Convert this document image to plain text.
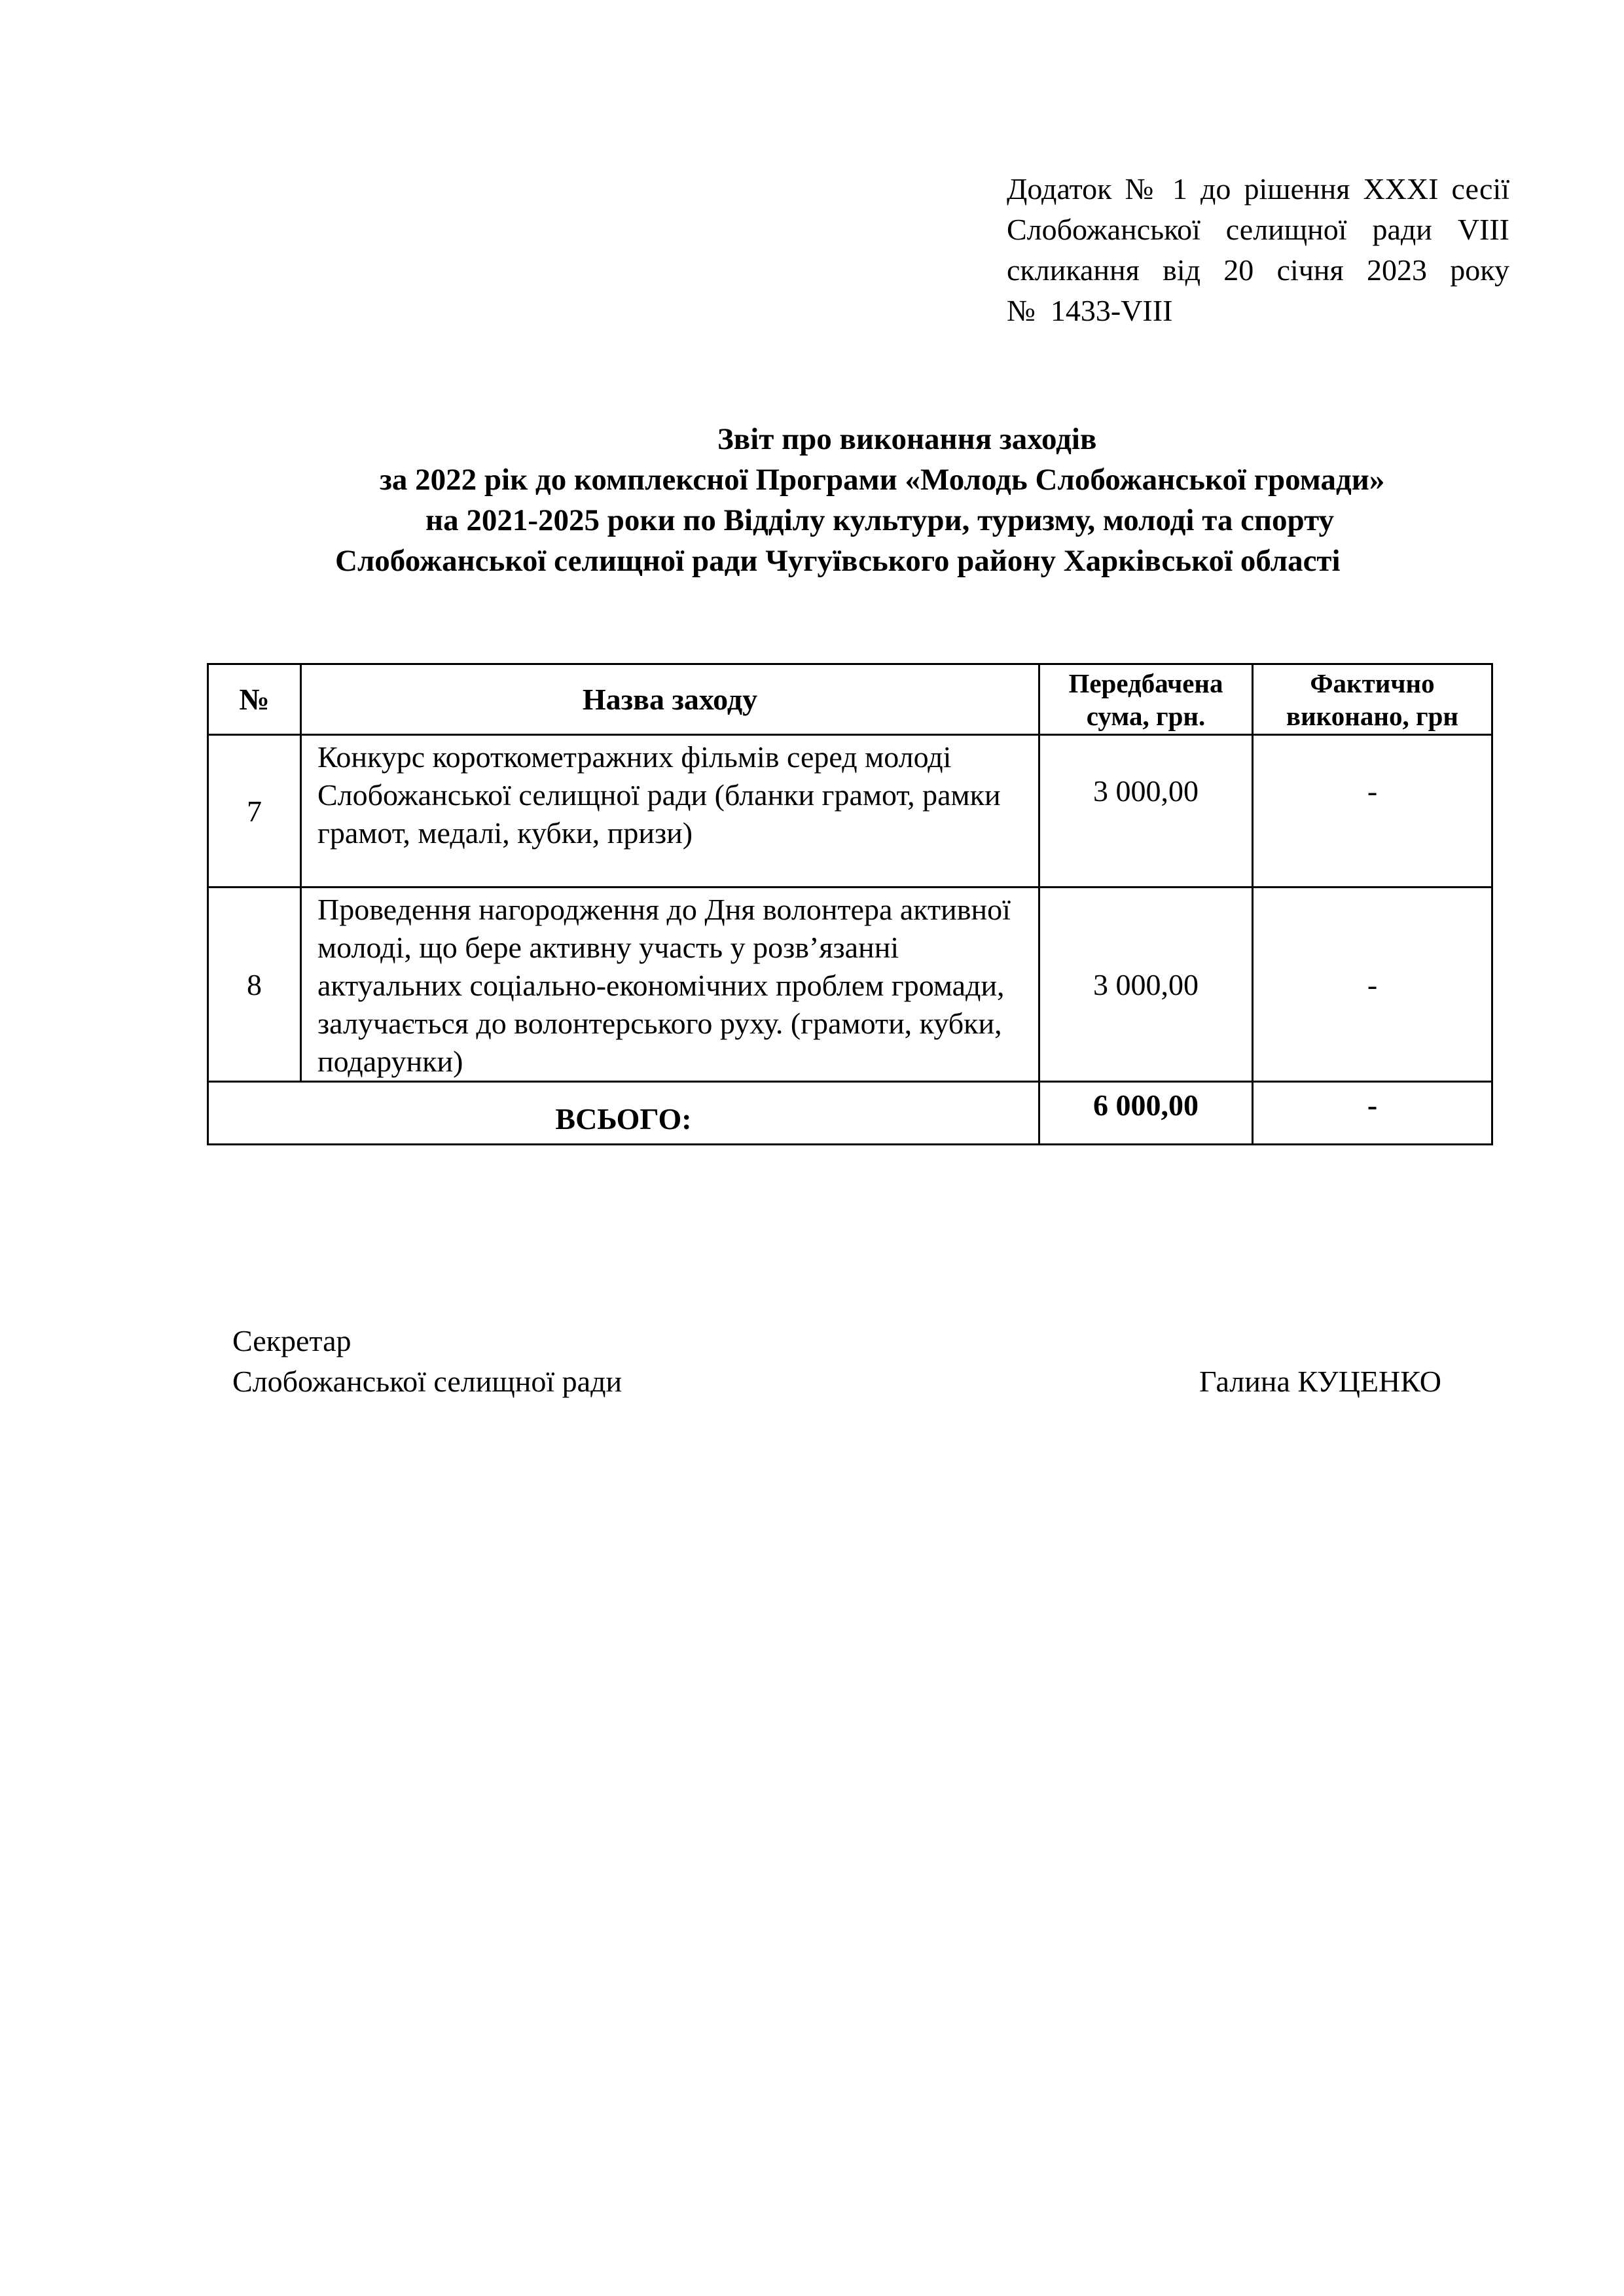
Додаток № 1 до рішення XXXI сесії
Слобожанської селищної ради VIII
скликання від 20 січня 2023 року
№  1433-VIII
Звіт про виконання заходів
за 2022 рік до комплексної Програми «Молодь Слобожанської громади»
на 2021-2025 роки по Відділу культури, туризму, молоді та спорту
Слобожанської селищної ради Чугуївського району Харківської області
№	Назва заходу	Передбачена сума, грн.	Фактично виконано, грн
7	Конкурс короткометражних фільмів серед молоді Слобожанської селищної ради (бланки грамот, рамки грамот, медалі, кубки, призи)	3 000,00	-
8	Проведення нагородження до Дня волонтера активної молоді, що бере активну участь у розв’язанні актуальних соціально-економічних проблем громади, залучається до волонтерського руху. (грамоти, кубки, подарунки)	3 000,00	-
ВСЬОГО:		6 000,00	-
Секретар
Слобожанської селищної ради	Галина КУЦЕНКО
